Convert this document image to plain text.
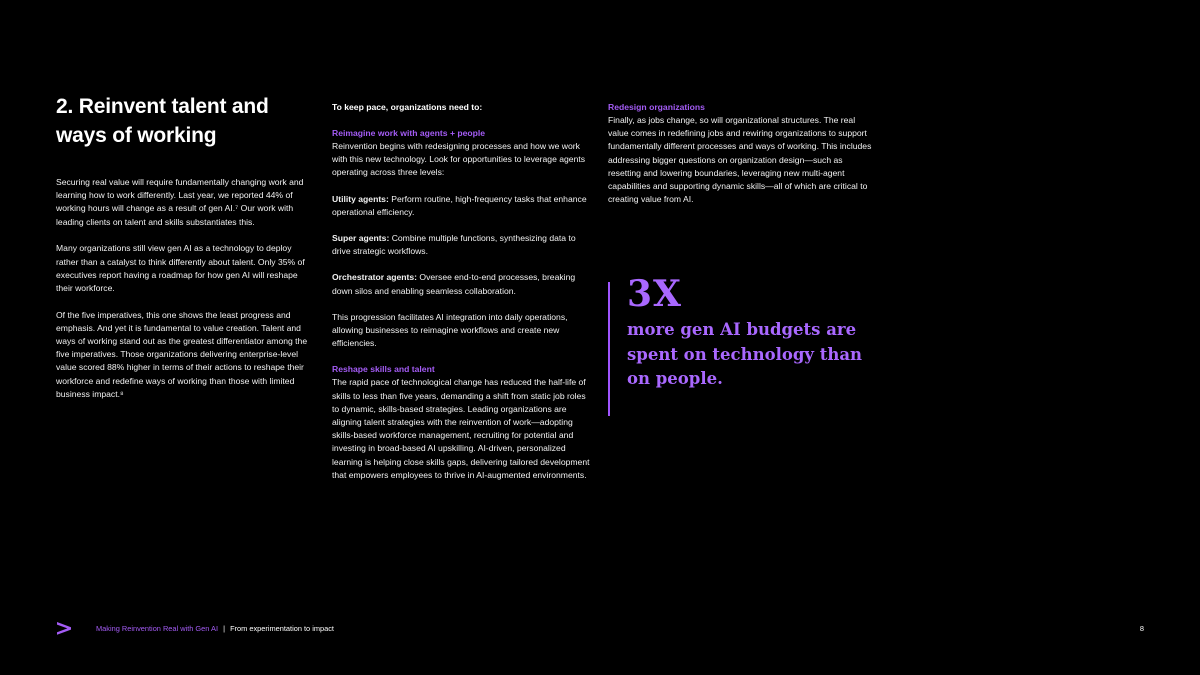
2. Reinvent talent and ways of working

Securing real value will require fundamentally changing work and learning how to work differently. Last year, we reported 44% of working hours will change as a result of gen AI.⁷ Our work with leading clients on talent and skills substantiates this.

Many organizations still view gen AI as a technology to deploy rather than a catalyst to think differently about talent. Only 35% of executives report having a roadmap for how gen AI will reshape their workforce.

Of the five imperatives, this one shows the least progress and emphasis. And yet it is fundamental to value creation. Talent and ways of working stand out as the greatest differentiator among the five imperatives. Those organizations delivering enterprise-level value scored 88% higher in terms of their actions to reshape their workforce and redefine ways of working than those with limited business impact.⁸

To keep pace, organizations need to:

Reimagine work with agents + people

Reinvention begins with redesigning processes and how we work with this new technology. Look for opportunities to leverage agents operating across three levels:

Utility agents: Perform routine, high-frequency tasks that enhance operational efficiency.

Super agents: Combine multiple functions, synthesizing data to drive strategic workflows.

Orchestrator agents: Oversee end-to-end processes, breaking down silos and enabling seamless collaboration.

This progression facilitates AI integration into daily operations, allowing businesses to reimagine workflows and create new efficiencies.

Reshape skills and talent

The rapid pace of technological change has reduced the half-life of skills to less than five years, demanding a shift from static job roles to dynamic, skills-based strategies. Leading organizations are aligning talent strategies with the reinvention of work—adopting skills-based workforce management, recruiting for potential and investing in broad-based AI upskilling. AI-driven, personalized learning is helping close skills gaps, delivering tailored development that empowers employees to thrive in AI-augmented environments.

Redesign organizations

Finally, as jobs change, so will organizational structures. The real value comes in redefining jobs and rewiring organizations to support fundamentally different processes and ways of working. This includes addressing bigger questions on organization design—such as resetting and lowering boundaries, leveraging new multi-agent capabilities and supporting dynamic skills—all of which are critical to creating value from AI.

3X
more gen AI budgets are spent on technology than on people.
Making Reinvention Real with Gen AI | From experimentation to impact	8
